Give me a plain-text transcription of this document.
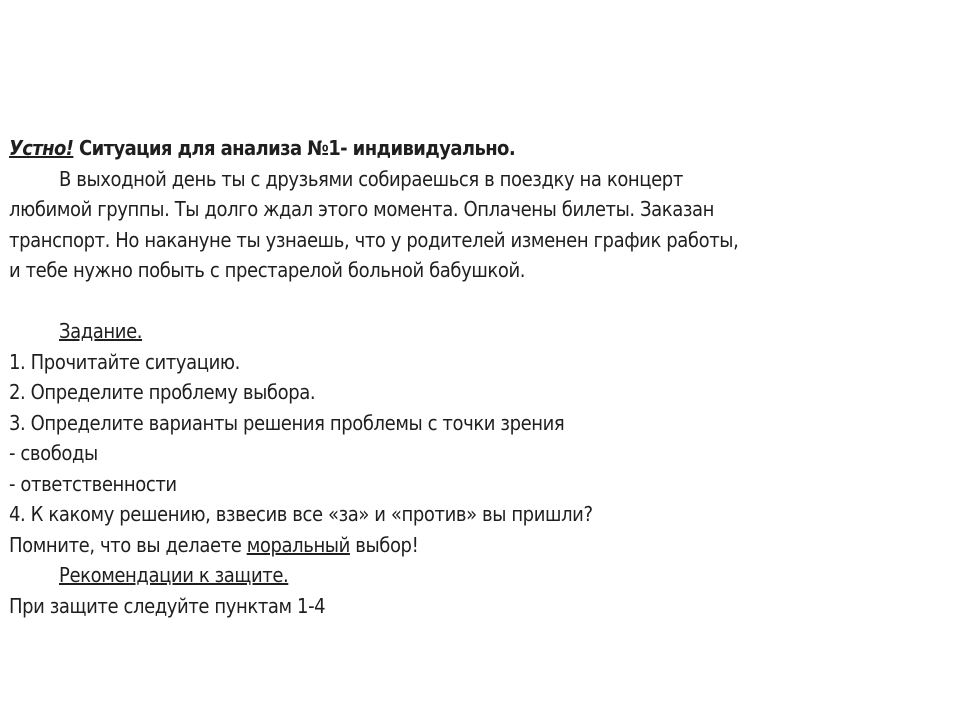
Устно! Ситуация для анализа №1- индивидуально.
В выходной день ты с друзьями собираешься в поездку на концерт
любимой группы. Ты долго ждал этого момента. Оплачены билеты. Заказан
транспорт. Но накануне ты узнаешь, что у родителей изменен график работы,
и тебе нужно побыть с престарелой больной бабушкой.
Задание.
1. Прочитайте ситуацию.
2. Определите проблему выбора.
3. Определите варианты решения проблемы с точки зрения
- свободы
- ответственности
4. К какому решению, взвесив все «за» и «против» вы пришли?
Помните, что вы делаете моральный выбор!
Рекомендации к защите.
При защите следуйте пунктам 1-4
